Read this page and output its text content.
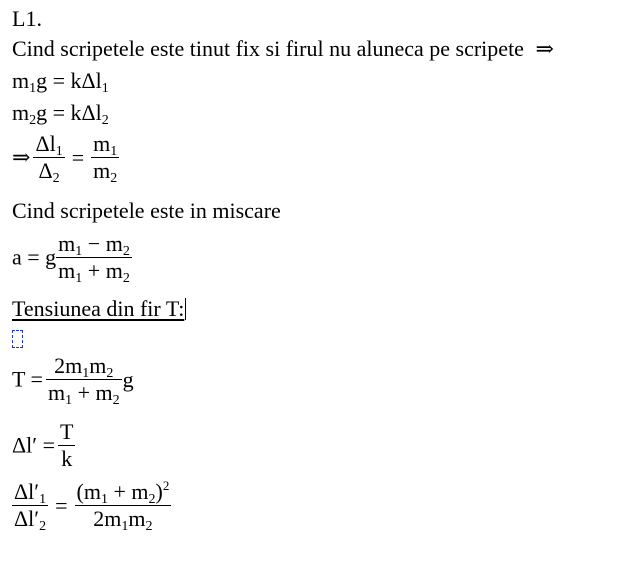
L1.
Cind scripetele este tinut fix si firul nu aluneca pe scripete ⇒
$m_1g = k\Delta l_1$
$m_2g = k\Delta l_2$
⇒ $\frac{\Delta l_1}{\Delta_2} = \frac{m_1}{m_2}$
Cind scripetele este in miscare
a = g $\frac{m_1 - m_2}{m_1 + m_2}$
Tensiunea din fir T:
$T = \frac{2m_1m_2}{m_1 + m_2}$ g
$\Delta l' = \frac{T}{k}$
$\frac{\Delta l'_1}{\Delta l'_2} = \frac{(m_1 + m_2)^2}{2m_1m_2}$
